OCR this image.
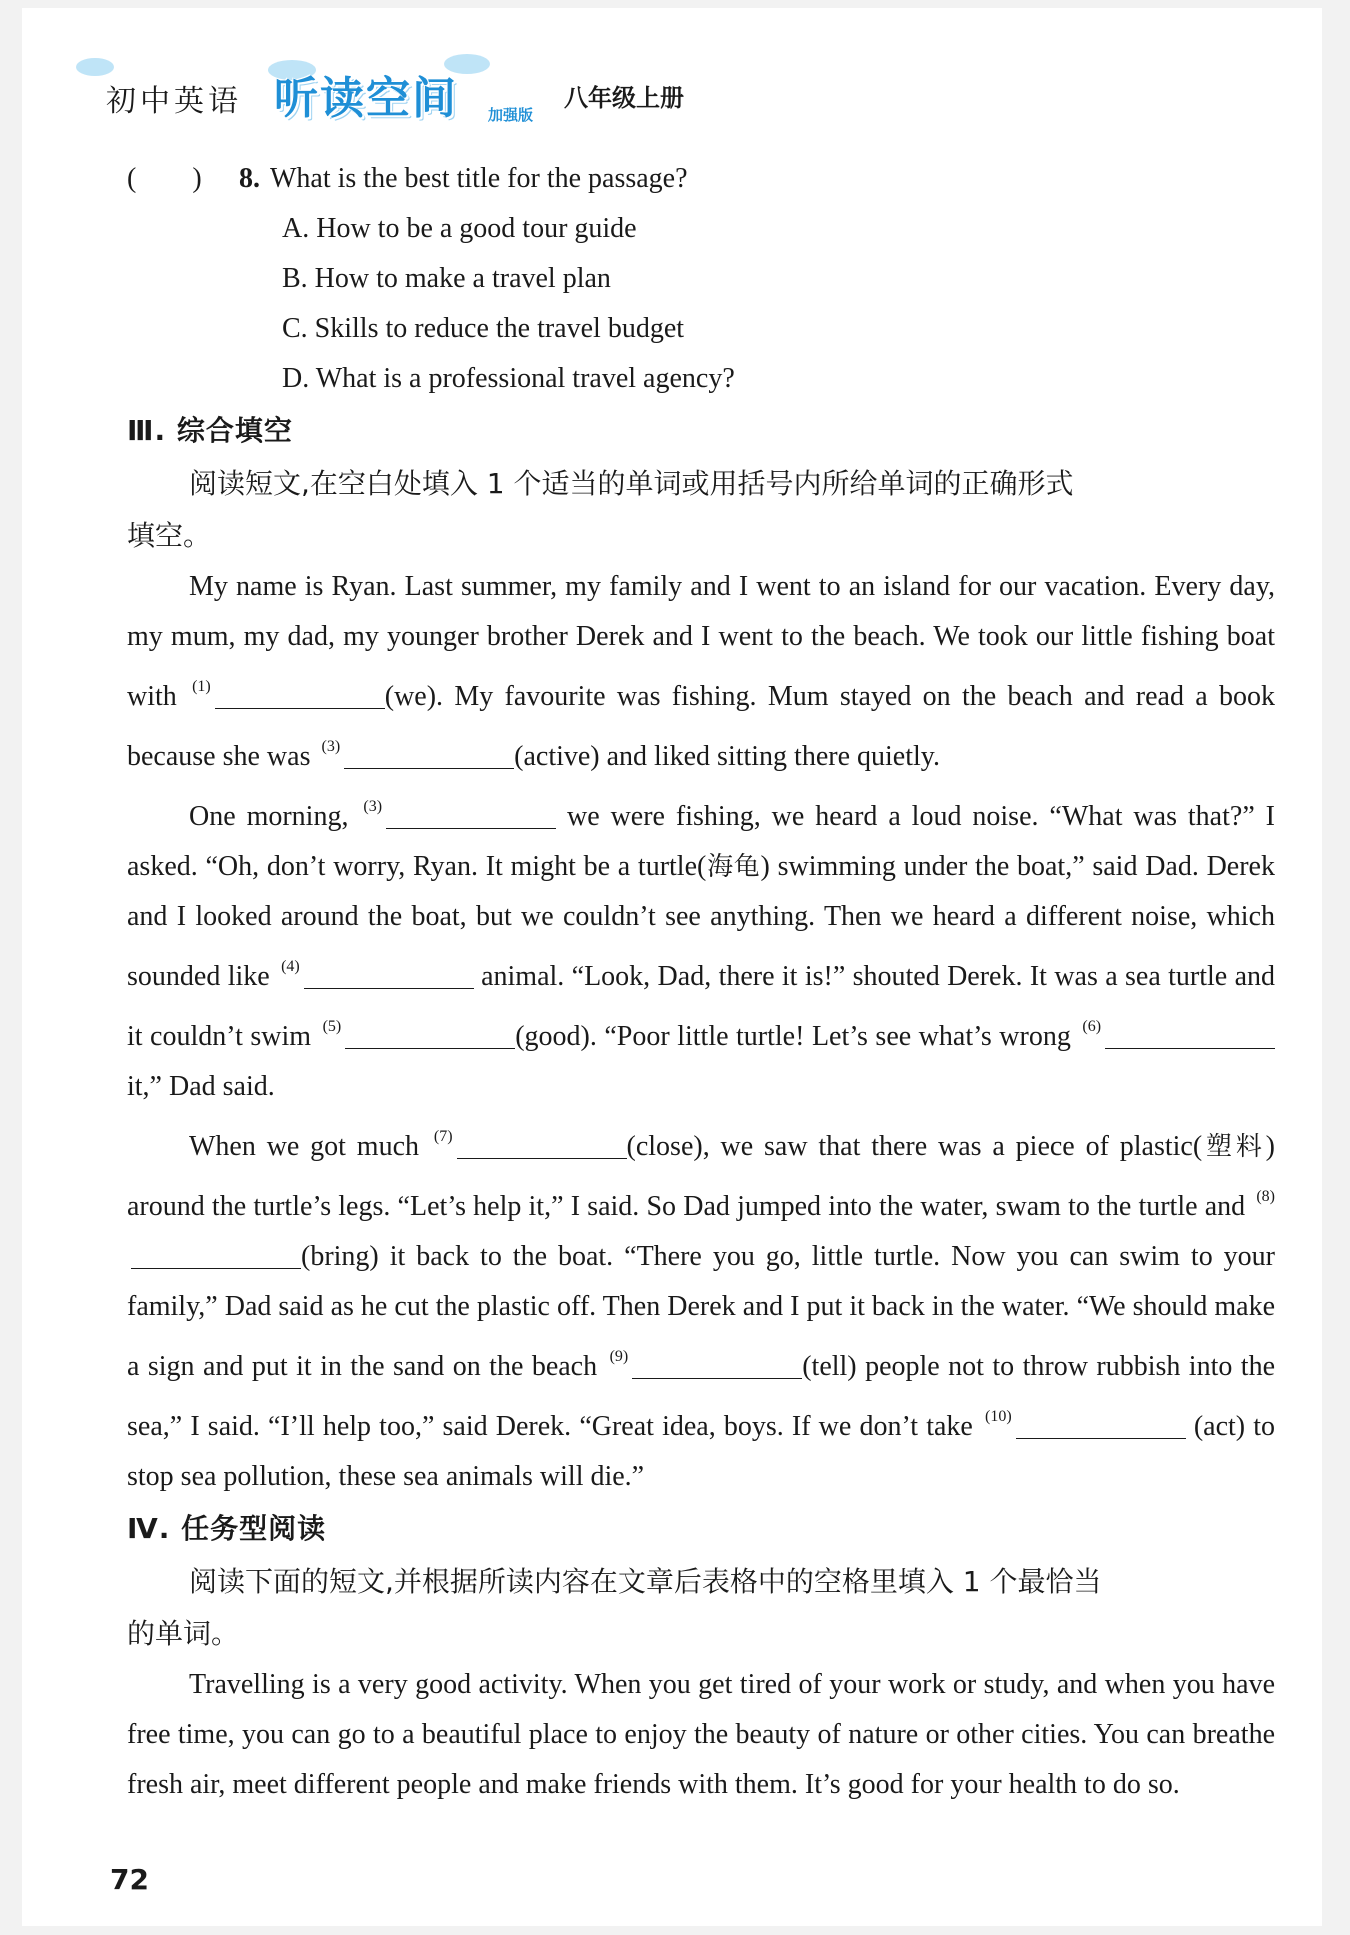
初中英语 听读空间 加强版
八年级上册
(　　) 8. What is the best title for the passage?
A. How to be a good tour guide
B. How to make a travel plan
C. Skills to reduce the travel budget
D. What is a professional travel agency?
Ⅲ. 综合填空
阅读短文,在空白处填入 1 个适当的单词或用括号内所给单词的正确形式
填空。

My name is Ryan. Last summer, my family and I went to an island for our vacation. Every day, my mum, my dad, my younger brother Derek and I went to the beach. We took our little fishing boat with $^{(1)}$	(we). My favourite was fishing. Mum stayed on the beach and read a book because she was $^{(3)}$	(active) and liked sitting there quietly.

One morning, $^{(3)}$	we were fishing, we heard a loud noise. “What was that?” I asked. “Oh, don’t worry, Ryan. It might be a turtle(海龟) swimming under the boat,” said Dad. Derek and I looked around the boat, but we couldn’t see anything. Then we heard a different noise, which sounded like $^{(4)}$	animal. “Look, Dad, there it is!” shouted Derek. It was a sea turtle and it couldn’t swim $^{(5)}$	(good). “Poor little turtle! Let’s see what’s wrong $^{(6)}$ it,” Dad said.

When we got much $^{(7)}$	(close), we saw that there was a piece of plastic(塑料) around the turtle’s legs. “Let’s help it,” I said. So Dad jumped into the water, swam to the turtle and $^{(8)}$(bring) it back to the boat. “There you go, little turtle. Now you can swim to your family,” Dad said as he cut the plastic off. Then Derek and I put it back in the water. “We should make a sign and put it in the sand on the beach $^{(9)}$	(tell) people not to throw rubbish into the sea,” I said. “I’ll help too,” said Derek. “Great idea, boys. If we don’t take $^{(10)}$	(act) to stop sea pollution, these sea animals will die.”

Ⅳ. 任务型阅读
阅读下面的短文,并根据所读内容在文章后表格中的空格里填入 1 个最恰当
的单词。

Travelling is a very good activity. When you get tired of your work or study, and when you have free time, you can go to a beautiful place to enjoy the beauty of nature or other cities. You can breathe fresh air, meet different people and make friends with them. It’s good for your health to do so.

72
